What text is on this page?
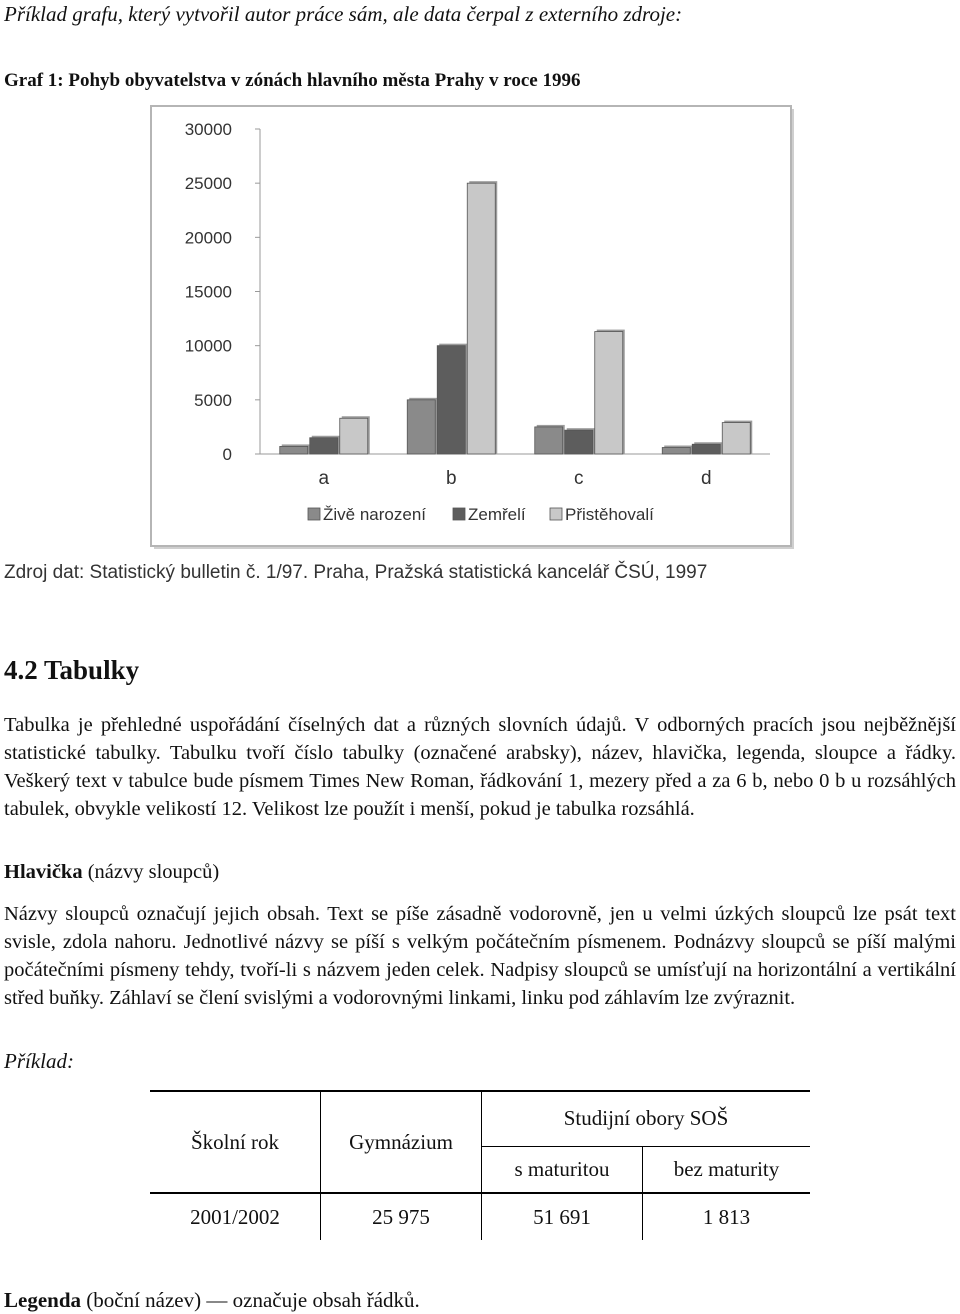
Příklad grafu, který vytvořil autor práce sám, ale data čerpal z externího zdroje:
Graf 1: Pohyb obyvatelstva v zónách hlavního města Prahy v roce 1996
0
5000
10000
15000
20000
25000
30000
a	b	c	d
Živě narození Zemřelí Přistěhovalí
Zdroj dat: Statistický bulletin č. 1/97. Praha, Pražská statistická kancelář ČSÚ, 1997
4.2 Tabulky

Tabulka je přehledné uspořádání číselných dat a různých slovních údajů. V odborných pracích jsou nejběžnější statistické tabulky. Tabulku tvoří číslo tabulky (označené arabsky), název, hlavička, legenda, sloupce a řádky. Veškerý text v tabulce bude písmem Times New Roman, řádkování 1, mezery před a za 6 b, nebo 0 b u rozsáhlých tabulek, obvykle velikostí 12. Velikost lze použít i menší, pokud je tabulka rozsáhlá.

Hlavička (názvy sloupců)

Názvy sloupců označují jejich obsah. Text se píše zásadně vodorovně, jen u velmi úzkých sloupců lze psát text svisle, zdola nahoru. Jednotlivé názvy se píší s velkým počátečním písmenem. Podnázvy sloupců se píší malými počátečními písmeny tehdy, tvoří-li s názvem jeden celek. Nadpisy sloupců se umísťují na horizontální a vertikální střed buňky. Záhlaví se člení svislými a vodorovnými linkami, linku pod záhlavím lze zvýraznit.

Příklad:
Školní rok	Gymnázium	Studijní obory SOŠ	
		s maturitou	bez maturity
2001/2002	25 975	51 691	1 813
Legenda (boční název) — označuje obsah řádků.
